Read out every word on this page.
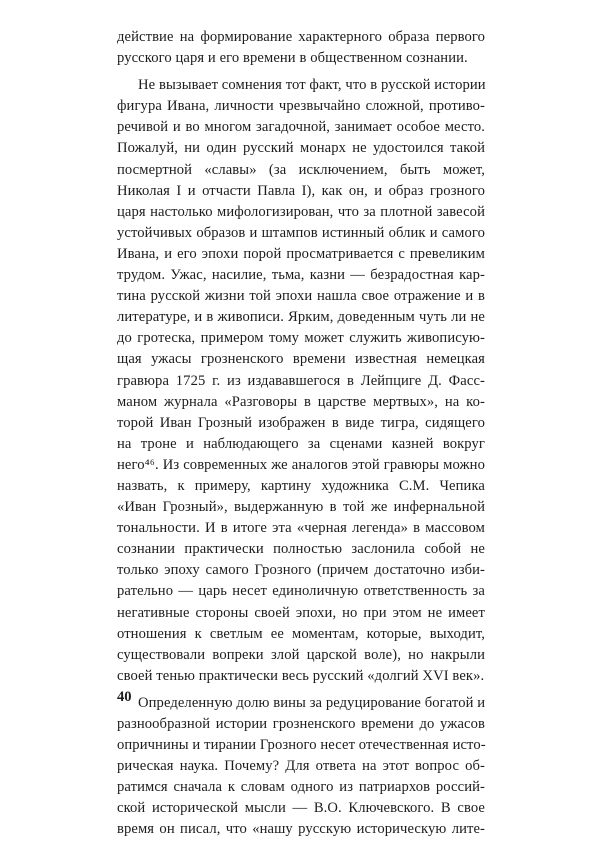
действие на формирование характерного образа первого
русского царя и его времени в общественном сознании.
Не вызывает сомнения тот факт, что в русской истории
фигура Ивана, личности чрезвычайно сложной, противо-
речивой и во многом загадочной, занимает особое место.
Пожалуй, ни один русский монарх не удостоился такой
посмертной «славы» (за исключением, быть может,
Николая I и отчасти Павла I), как он, и образ грозного
царя настолько мифологизирован, что за плотной завесой
устойчивых образов и штампов истинный облик и самого
Ивана, и его эпохи порой просматривается с превеликим
трудом. Ужас, насилие, тьма, казни — безрадостная кар-
тина русской жизни той эпохи нашла свое отражение и в
литературе, и в живописи. Ярким, доведенным чуть ли не
до гротеска, примером тому может служить живописую-
щая ужасы грозненского времени известная немецкая
гравюра 1725 г. из издававшегося в Лейпциге Д. Фасс-
маном журнала «Разговоры в царстве мертвых», на ко-
торой Иван Грозный изображен в виде тигра, сидящего
на троне и наблюдающего за сценами казней вокруг
него⁴⁶. Из современных же аналогов этой гравюры можно
назвать, к примеру, картину художника С.М. Чепика
«Иван Грозный», выдержанную в той же инфернальной
тональности. И в итоге эта «черная легенда» в массовом
сознании практически полностью заслонила собой не
только эпоху самого Грозного (причем достаточно изби-
рательно — царь несет единоличную ответственность за
негативные стороны своей эпохи, но при этом не имеет
отношения к светлым ее моментам, которые, выходит,
существовали вопреки злой царской воле), но накрыли
своей тенью практически весь русский «долгий XVI век».
Определенную долю вины за редуцирование богатой и
разнообразной истории грозненского времени до ужасов
опричнины и тирании Грозного несет отечественная исто-
рическая наука. Почему? Для ответа на этот вопрос об-
ратимся сначала к словам одного из патриархов россий-
ской исторической мысли — В.О. Ключевского. В свое
время он писал, что «нашу русскую историческую лите-
40
